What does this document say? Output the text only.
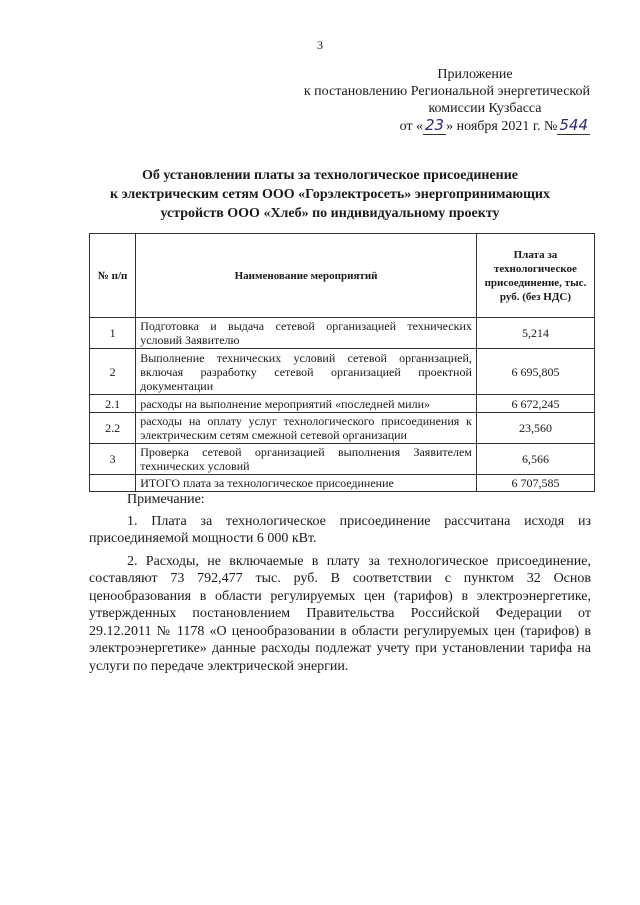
3
Приложение
к постановлению Региональной энергетической
комиссии Кузбасса
от « 23 » ноября 2021 г. № 544
Об установлении платы за технологическое присоединение
к электрическим сетям ООО «Горэлектросеть» энергопринимающих
устройств ООО «Хлеб» по индивидуальному проекту
№ п/п	Наименование мероприятий	Плата за технологическое присоединение, тыс. руб. (без НДС)
1	Подготовка и выдача сетевой организацией технических условий Заявителю	5,214
2	Выполнение технических условий сетевой организацией, включая разработку сетевой организацией проектной документации	6 695,805
2.1	расходы на выполнение мероприятий «последней мили»	6 672,245
2.2	расходы на оплату услуг технологического присоединения к электрическим сетям смежной сетевой организации	23,560
3	Проверка сетевой организацией выполнения Заявителем технических условий	6,566
	ИТОГО плата за технологическое присоединение	6 707,585
Примечание:

1. Плата за технологическое присоединение рассчитана исходя из присоединяемой мощности 6 000 кВт.

2. Расходы, не включаемые в плату за технологическое присоединение, составляют 73 792,477 тыс. руб. В соответствии с пунктом 32 Основ ценообразования в области регулируемых цен (тарифов) в электроэнергетике, утвержденных постановлением Правительства Российской Федерации от 29.12.2011 № 1178 «О ценообразовании в области регулируемых цен (тарифов) в электроэнергетике» данные расходы подлежат учету при установлении тарифа на услуги по передаче электрической энергии.
